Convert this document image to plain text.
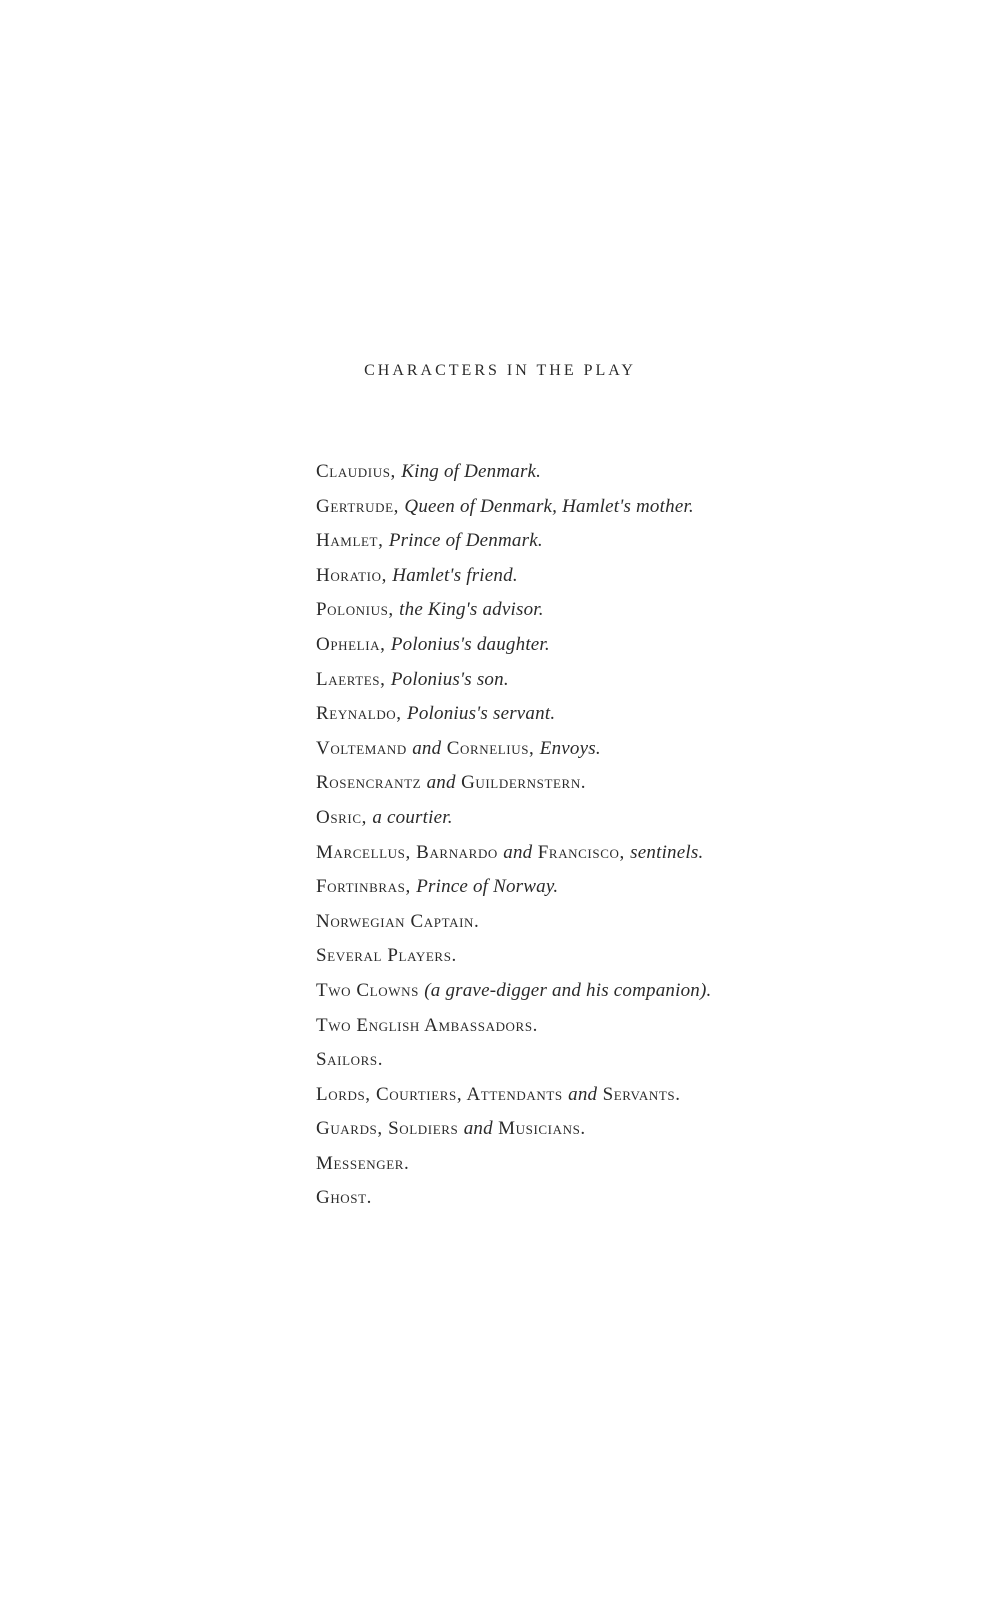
CHARACTERS IN THE PLAY
Claudius, King of Denmark.
Gertrude, Queen of Denmark, Hamlet's mother.
Hamlet, Prince of Denmark.
Horatio, Hamlet's friend.
Polonius, the King's advisor.
Ophelia, Polonius's daughter.
Laertes, Polonius's son.
Reynaldo, Polonius's servant.
Voltemand and Cornelius, Envoys.
Rosencrantz and Guildernstern.
Osric, a courtier.
Marcellus, Barnardo and Francisco, sentinels.
Fortinbras, Prince of Norway.
Norwegian Captain.
Several Players.
Two Clowns (a grave-digger and his companion).
Two English Ambassadors.
Sailors.
Lords, Courtiers, Attendants and Servants.
Guards, Soldiers and Musicians.
Messenger.
Ghost.
